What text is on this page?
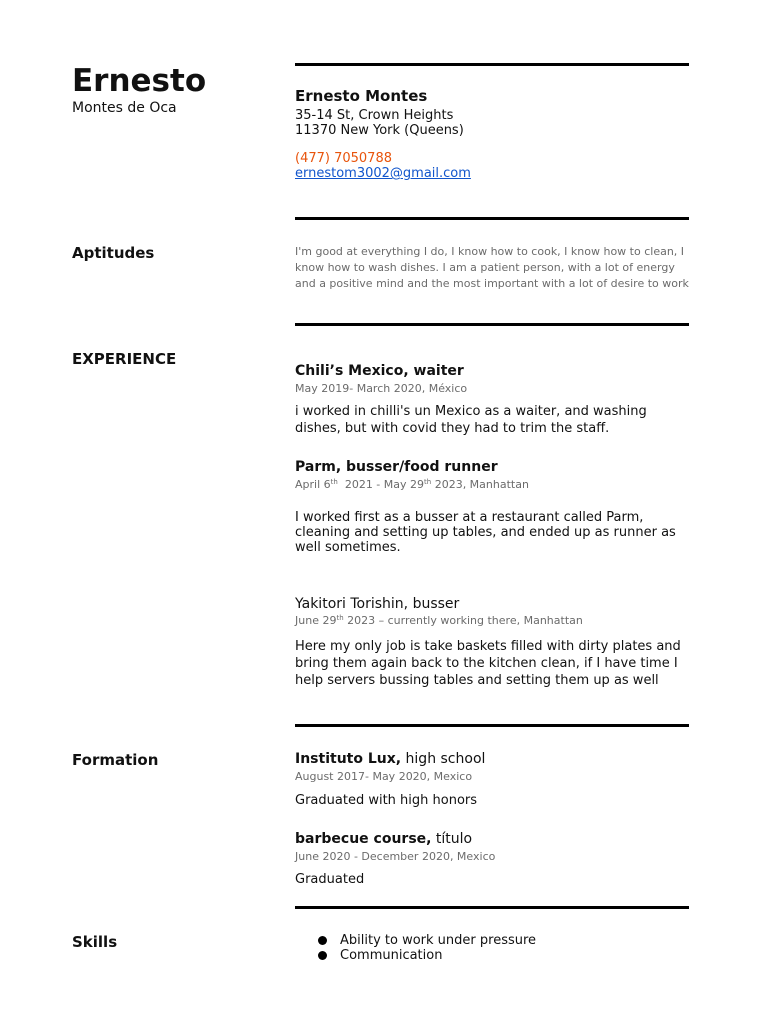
Ernesto
Montes de Oca
Ernesto Montes
35-14 St, Crown Heights
11370 New York (Queens)
(477) 7050788
ernestom3002@gmail.com
Aptitudes	I'm good at everything I do, I know how to cook, I know how to clean, I know how to wash dishes. I am a patient person, with a lot of energy and a positive mind and the most important with a lot of desire to work
EXPERIENCE
Chili’s Mexico, waiter
May 2019- March 2020, México
i worked in chilli's un Mexico as a waiter, and washing dishes, but with covid they had to trim the staff.
Parm, busser/food runner
April 6th  2021 - May 29th 2023, Manhattan
I worked first as a busser at a restaurant called Parm, cleaning and setting up tables, and ended up as runner as well sometimes.
Yakitori Torishin, busser
June 29th 2023 – currently working there, Manhattan
Here my only job is take baskets filled with dirty plates and bring them again back to the kitchen clean, if I have time I help servers bussing tables and setting them up as well
Formation	Instituto Lux, high school
August 2017- May 2020, Mexico
Graduated with high honors
barbecue course, título
June 2020 - December 2020, Mexico
Graduated
Skills	Ability to work under pressure
Communication
